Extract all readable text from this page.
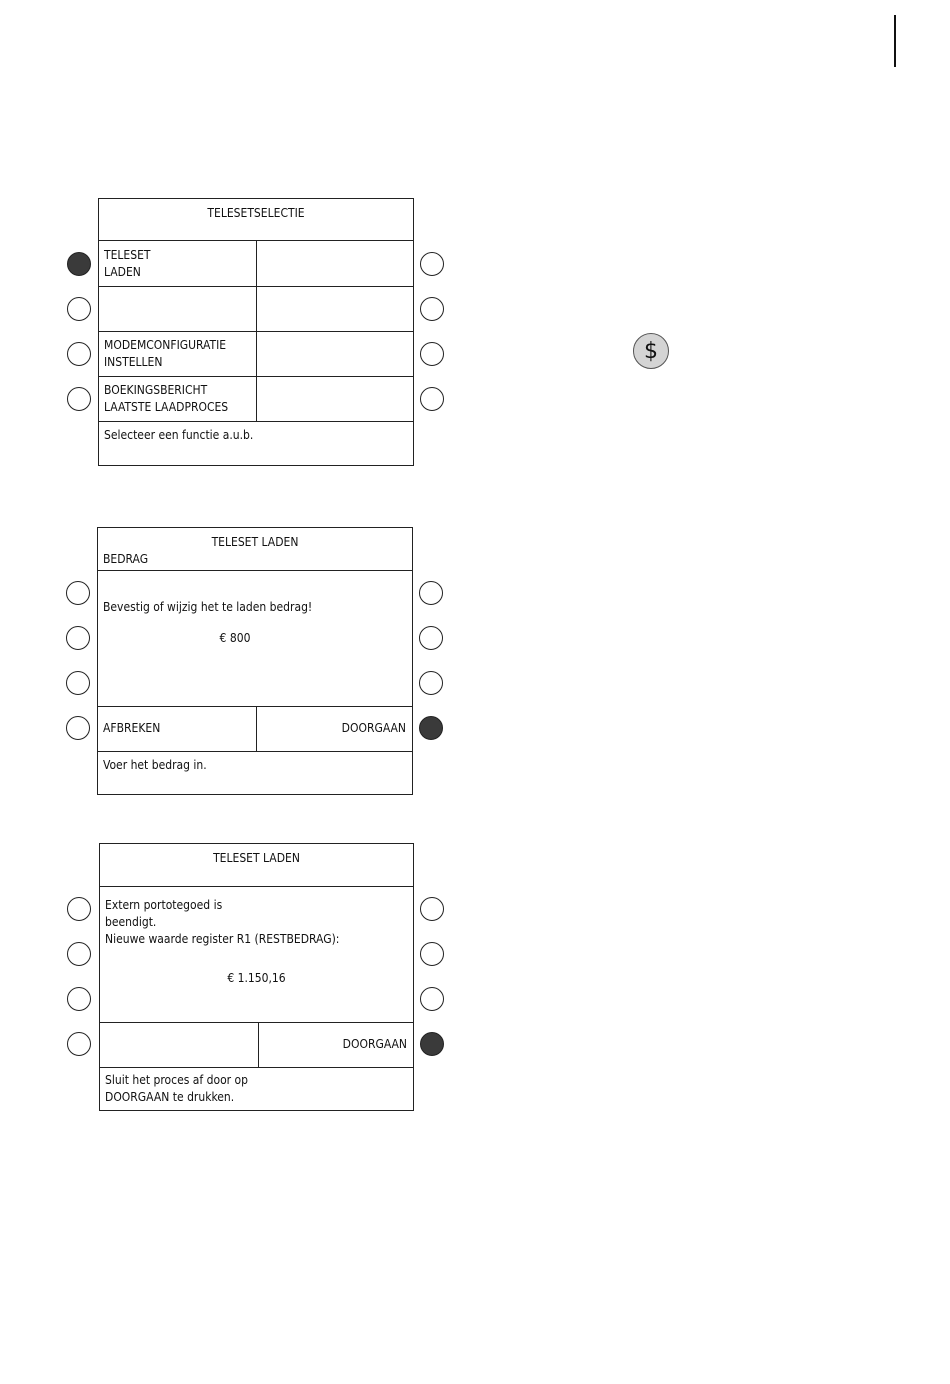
TELESETSELECTIE
TELESET
LADEN
MODEMCONFIGURATIE
INSTELLEN
BOEKINGSBERICHT
LAATSTE LAADPROCES
Selecteer een functie a.u.b.
$
TELESET LADEN
BEDRAG
Bevestig of wijzig het te laden bedrag!
€ 800
AFBREKEN	DOORGAAN
Voer het bedrag in.
TELESET LADEN
Extern portotegoed is
beendigt.
Nieuwe waarde register R1 (RESTBEDRAG):
€ 1.150,16
DOORGAAN
Sluit het proces af door op
DOORGAAN te drukken.
